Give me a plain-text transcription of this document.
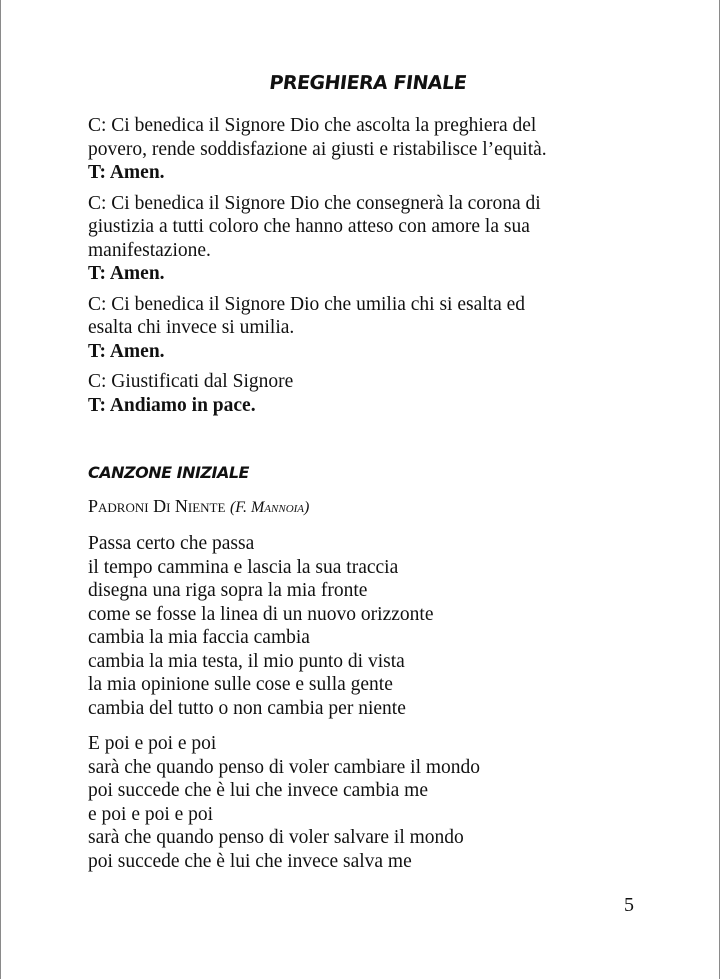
PREGHIERA FINALE

C: Ci benedica il Signore Dio che ascolta la preghiera del
povero, rende soddisfazione ai giusti e ristabilisce l’equità.
T: Amen.

C: Ci benedica il Signore Dio che consegnerà la corona di
giustizia a tutti coloro che hanno atteso con amore la sua
manifestazione.
T: Amen.

C: Ci benedica il Signore Dio che umilia chi si esalta ed
esalta chi invece si umilia.
T: Amen.

C: Giustificati dal Signore
T: Andiamo in pace.

CANZONE INIZIALE

Padroni Di Niente (F. Mannoia)

Passa certo che passa
il tempo cammina e lascia la sua traccia
disegna una riga sopra la mia fronte
come se fosse la linea di un nuovo orizzonte
cambia la mia faccia cambia
cambia la mia testa, il mio punto di vista
la mia opinione sulle cose e sulla gente
cambia del tutto o non cambia per niente

E poi e poi e poi
sarà che quando penso di voler cambiare il mondo
poi succede che è lui che invece cambia me
e poi e poi e poi
sarà che quando penso di voler salvare il mondo
poi succede che è lui che invece salva me

5
